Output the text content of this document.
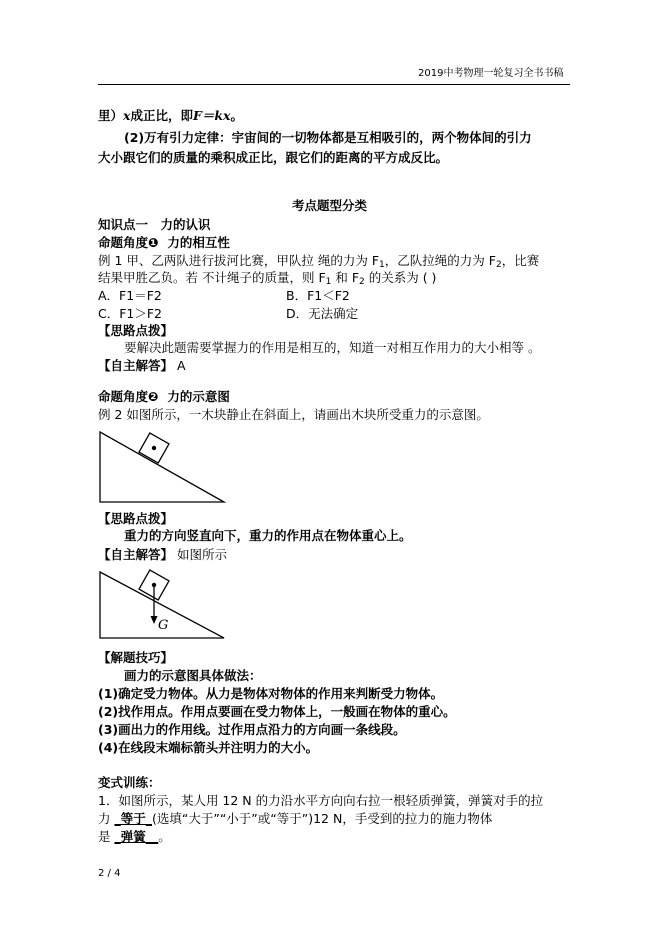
2019中考物理一轮复习全书书稿
里）x成正比，即F＝kx。
(2)万有引力定律：宇宙间的一切物体都是互相吸引的，两个物体间的引力
大小跟它们的质量的乘积成正比，跟它们的距离的平方成反比。
考点题型分类
知识点一　力的认识
命题角度❶ 力的相互性
例 1 甲、乙两队进行拔河比赛，甲队拉 绳的力为 $F_1$，乙队拉绳的力为 $F_2$，比赛
结果甲胜乙负。若 不计绳子的质量，则 $F_1$ 和 $F_2$ 的关系为 ( )
A．F1＝F2	B．F1＜F2
C．F1＞F2	D．无法确定
【思路点拨】
要解决此题需要掌握力的作用是相互的，知道一对相互作用力的大小相等 。
【自主解答】 A
命题角度❷ 力的示意图
例 2 如图所示，一木块静止在斜面上，请画出木块所受重力的示意图。
【思路点拨】
重力的方向竖直向下，重力的作用点在物体重心上。
【自主解答】 如图所示
G
【解题技巧】
画力的示意图具体做法：
(1)确定受力物体。从力是物体对物体的作用来判断受力物体。
(2)找作用点。作用点要画在受力物体上，一般画在物体的重心。
(3)画出力的作用线。过作用点沿力的方向画一条线段。
(4)在线段末端标箭头并注明力的大小。
变式训练：
1．如图所示，某人用 12 N 的力沿水平方向向右拉一根轻质弹簧，弹簧对手的拉
力 _等于_(选填“大于”“小于”或“等于”)12 N，手受到的拉力的施力物体
是 _弹簧__。
2 / 4
